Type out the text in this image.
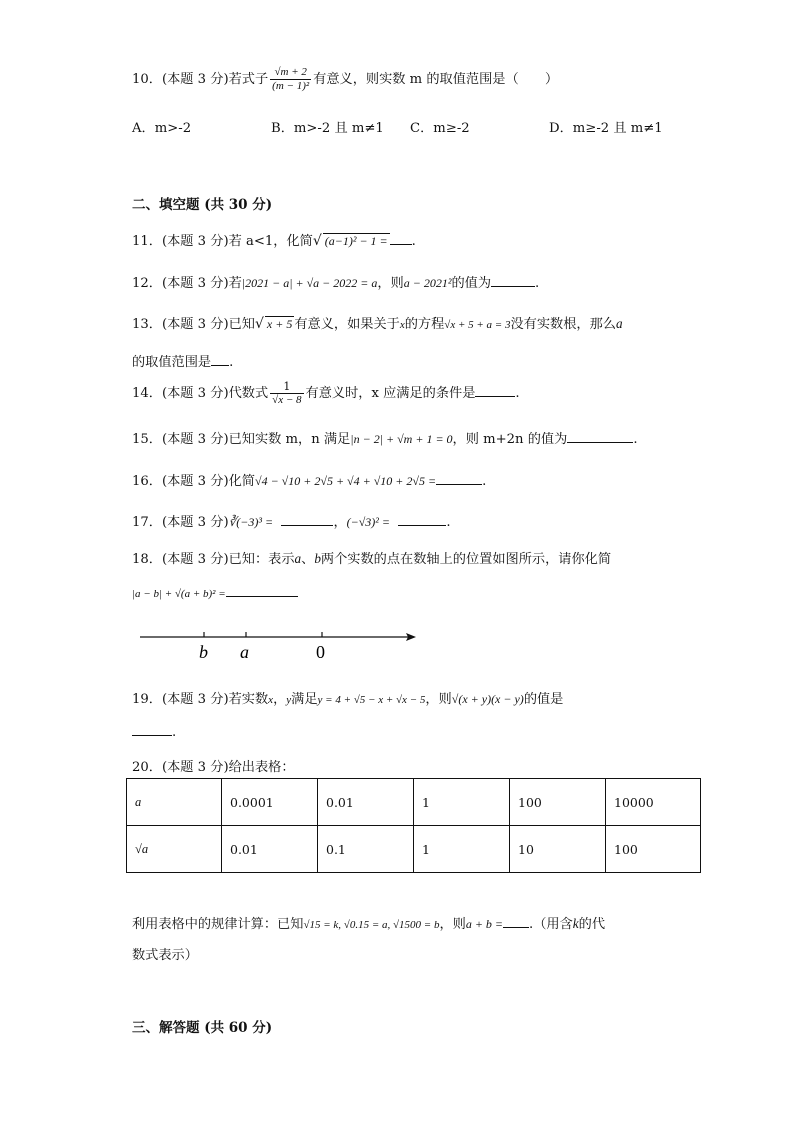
10．(本题 3 分)若式子 $\frac{√m + 2}{\text{(m − 1)²}}$ 有意义，则实数 m 的取值范围是（　　）
A．m>-2	B．m>-2 且 m≠1 C．m≥-2	D．m≥-2 且 m≠1
二、填空题 (共 30 分)
11．(本题 3 分)若 a<1，化简√ (a−1)² − 1 = .
12．(本题 3 分)若|2021 − a| + √a − 2022 = a，则a − 2021²的值为	.
13．(本题 3 分)已知√ x + 5 有意义，如果关于x的方程√x + 5 + a = 3没有实数根，那么a
的取值范围是 .
14．(本题 3 分)代数式 $\frac{1}{√x - 8}$ 有意义时，x 应满足的条件是	.
15．(本题 3 分)已知实数 m，n 满足|n − 2| + √m + 1 = 0，则 m+2n 的值为	.
16．(本题 3 分)化简√4 − √10 + 2√5 + √4 + √10 + 2√5 =	.
17．(本题 3 分)∛(−3)³ =	，(−√3)² =	.
18．(本题 3 分)已知：表示a、b两个实数的点在数轴上的位置如图所示，请你化简
|a − b| + √(a + b)² =
b a	0
19．(本题 3 分)若实数x，y满足y = 4 + √5 − x + √x − 5，则√(x + y)(x − y)的值是
.
20．(本题 3 分)给出表格：
a	0.0001	0.01	1	100	10000
√a	0.01	0.1	1	10	100
利用表格中的规律计算：已知√15 = k, √0.15 = a, √1500 = b，则a + b = .（用含k的代
数式表示）
三、解答题 (共 60 分)
